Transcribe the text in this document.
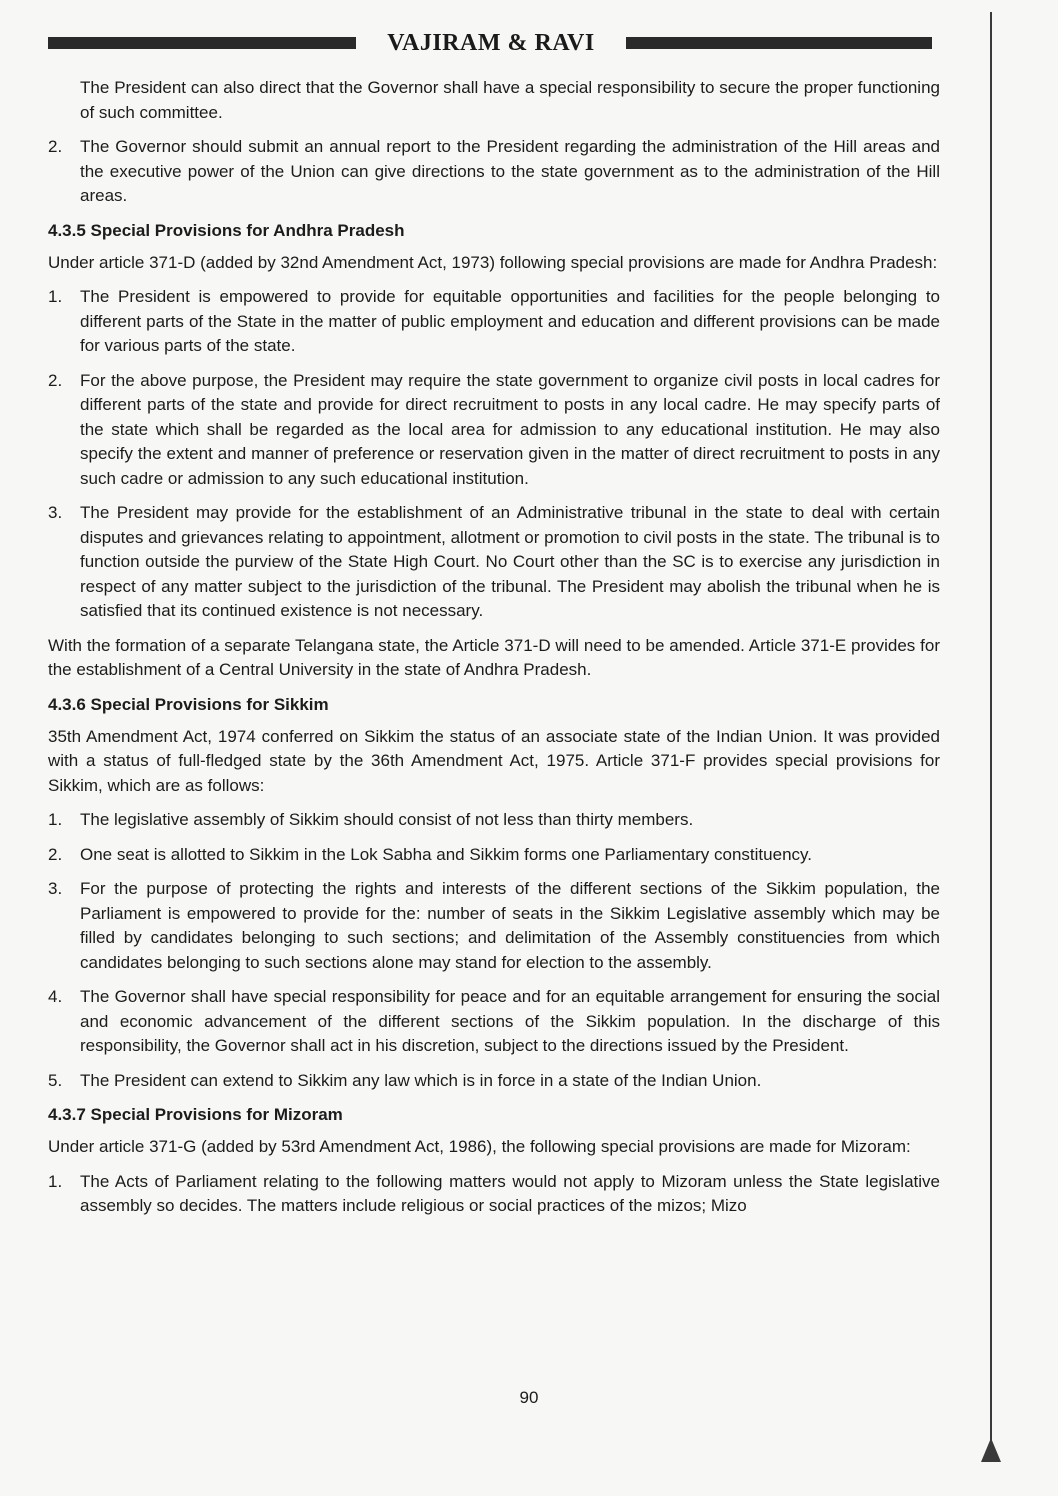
VAJIRAM & RAVI

The President can also direct that the Governor shall have a special responsibility to secure the proper functioning of such committee.

2.	The Governor should submit an annual report to the President regarding the administration of the Hill areas and the executive power of the Union can give directions to the state government as to the administration of the Hill areas.
4.3.5 Special Provisions for Andhra Pradesh

Under article 371-D (added by 32nd Amendment Act, 1973) following special provisions are made for Andhra Pradesh:

1.	The President is empowered to provide for equitable opportunities and facilities for the people belonging to different parts of the State in the matter of public employment and education and different provisions can be made for various parts of the state.
2.	For the above purpose, the President may require the state government to organize civil posts in local cadres for different parts of the state and provide for direct recruitment to posts in any local cadre. He may specify parts of the state which shall be regarded as the local area for admission to any educational institution. He may also specify the extent and manner of preference or reservation given in the matter of direct recruitment to posts in any such cadre or admission to any such educational institution.
3.	The President may provide for the establishment of an Administrative tribunal in the state to deal with certain disputes and grievances relating to appointment, allotment or promotion to civil posts in the state. The tribunal is to function outside the purview of the State High Court. No Court other than the SC is to exercise any jurisdiction in respect of any matter subject to the jurisdiction of the tribunal. The President may abolish the tribunal when he is satisfied that its continued existence is not necessary.

With the formation of a separate Telangana state, the Article 371-D will need to be amended. Article 371-E provides for the establishment of a Central University in the state of Andhra Pradesh.

4.3.6 Special Provisions for Sikkim

35th Amendment Act, 1974 conferred on Sikkim the status of an associate state of the Indian Union. It was provided with a status of full-fledged state by the 36th Amendment Act, 1975. Article 371-F provides special provisions for Sikkim, which are as follows:

1.	The legislative assembly of Sikkim should consist of not less than thirty members.
2.	One seat is allotted to Sikkim in the Lok Sabha and Sikkim forms one Parliamentary constituency.
3.	For the purpose of protecting the rights and interests of the different sections of the Sikkim population, the Parliament is empowered to provide for the: number of seats in the Sikkim Legislative assembly which may be filled by candidates belonging to such sections; and delimitation of the Assembly constituencies from which candidates belonging to such sections alone may stand for election to the assembly.
4.	The Governor shall have special responsibility for peace and for an equitable arrangement for ensuring the social and economic advancement of the different sections of the Sikkim population. In the discharge of this responsibility, the Governor shall act in his discretion, subject to the directions issued by the President.
5.	The President can extend to Sikkim any law which is in force in a state of the Indian Union.
4.3.7 Special Provisions for Mizoram

Under article 371-G (added by 53rd Amendment Act, 1986), the following special provisions are made for Mizoram:

1.	The Acts of Parliament relating to the following matters would not apply to Mizoram unless the State legislative assembly so decides. The matters include religious or social practices of the mizos; Mizo
90
